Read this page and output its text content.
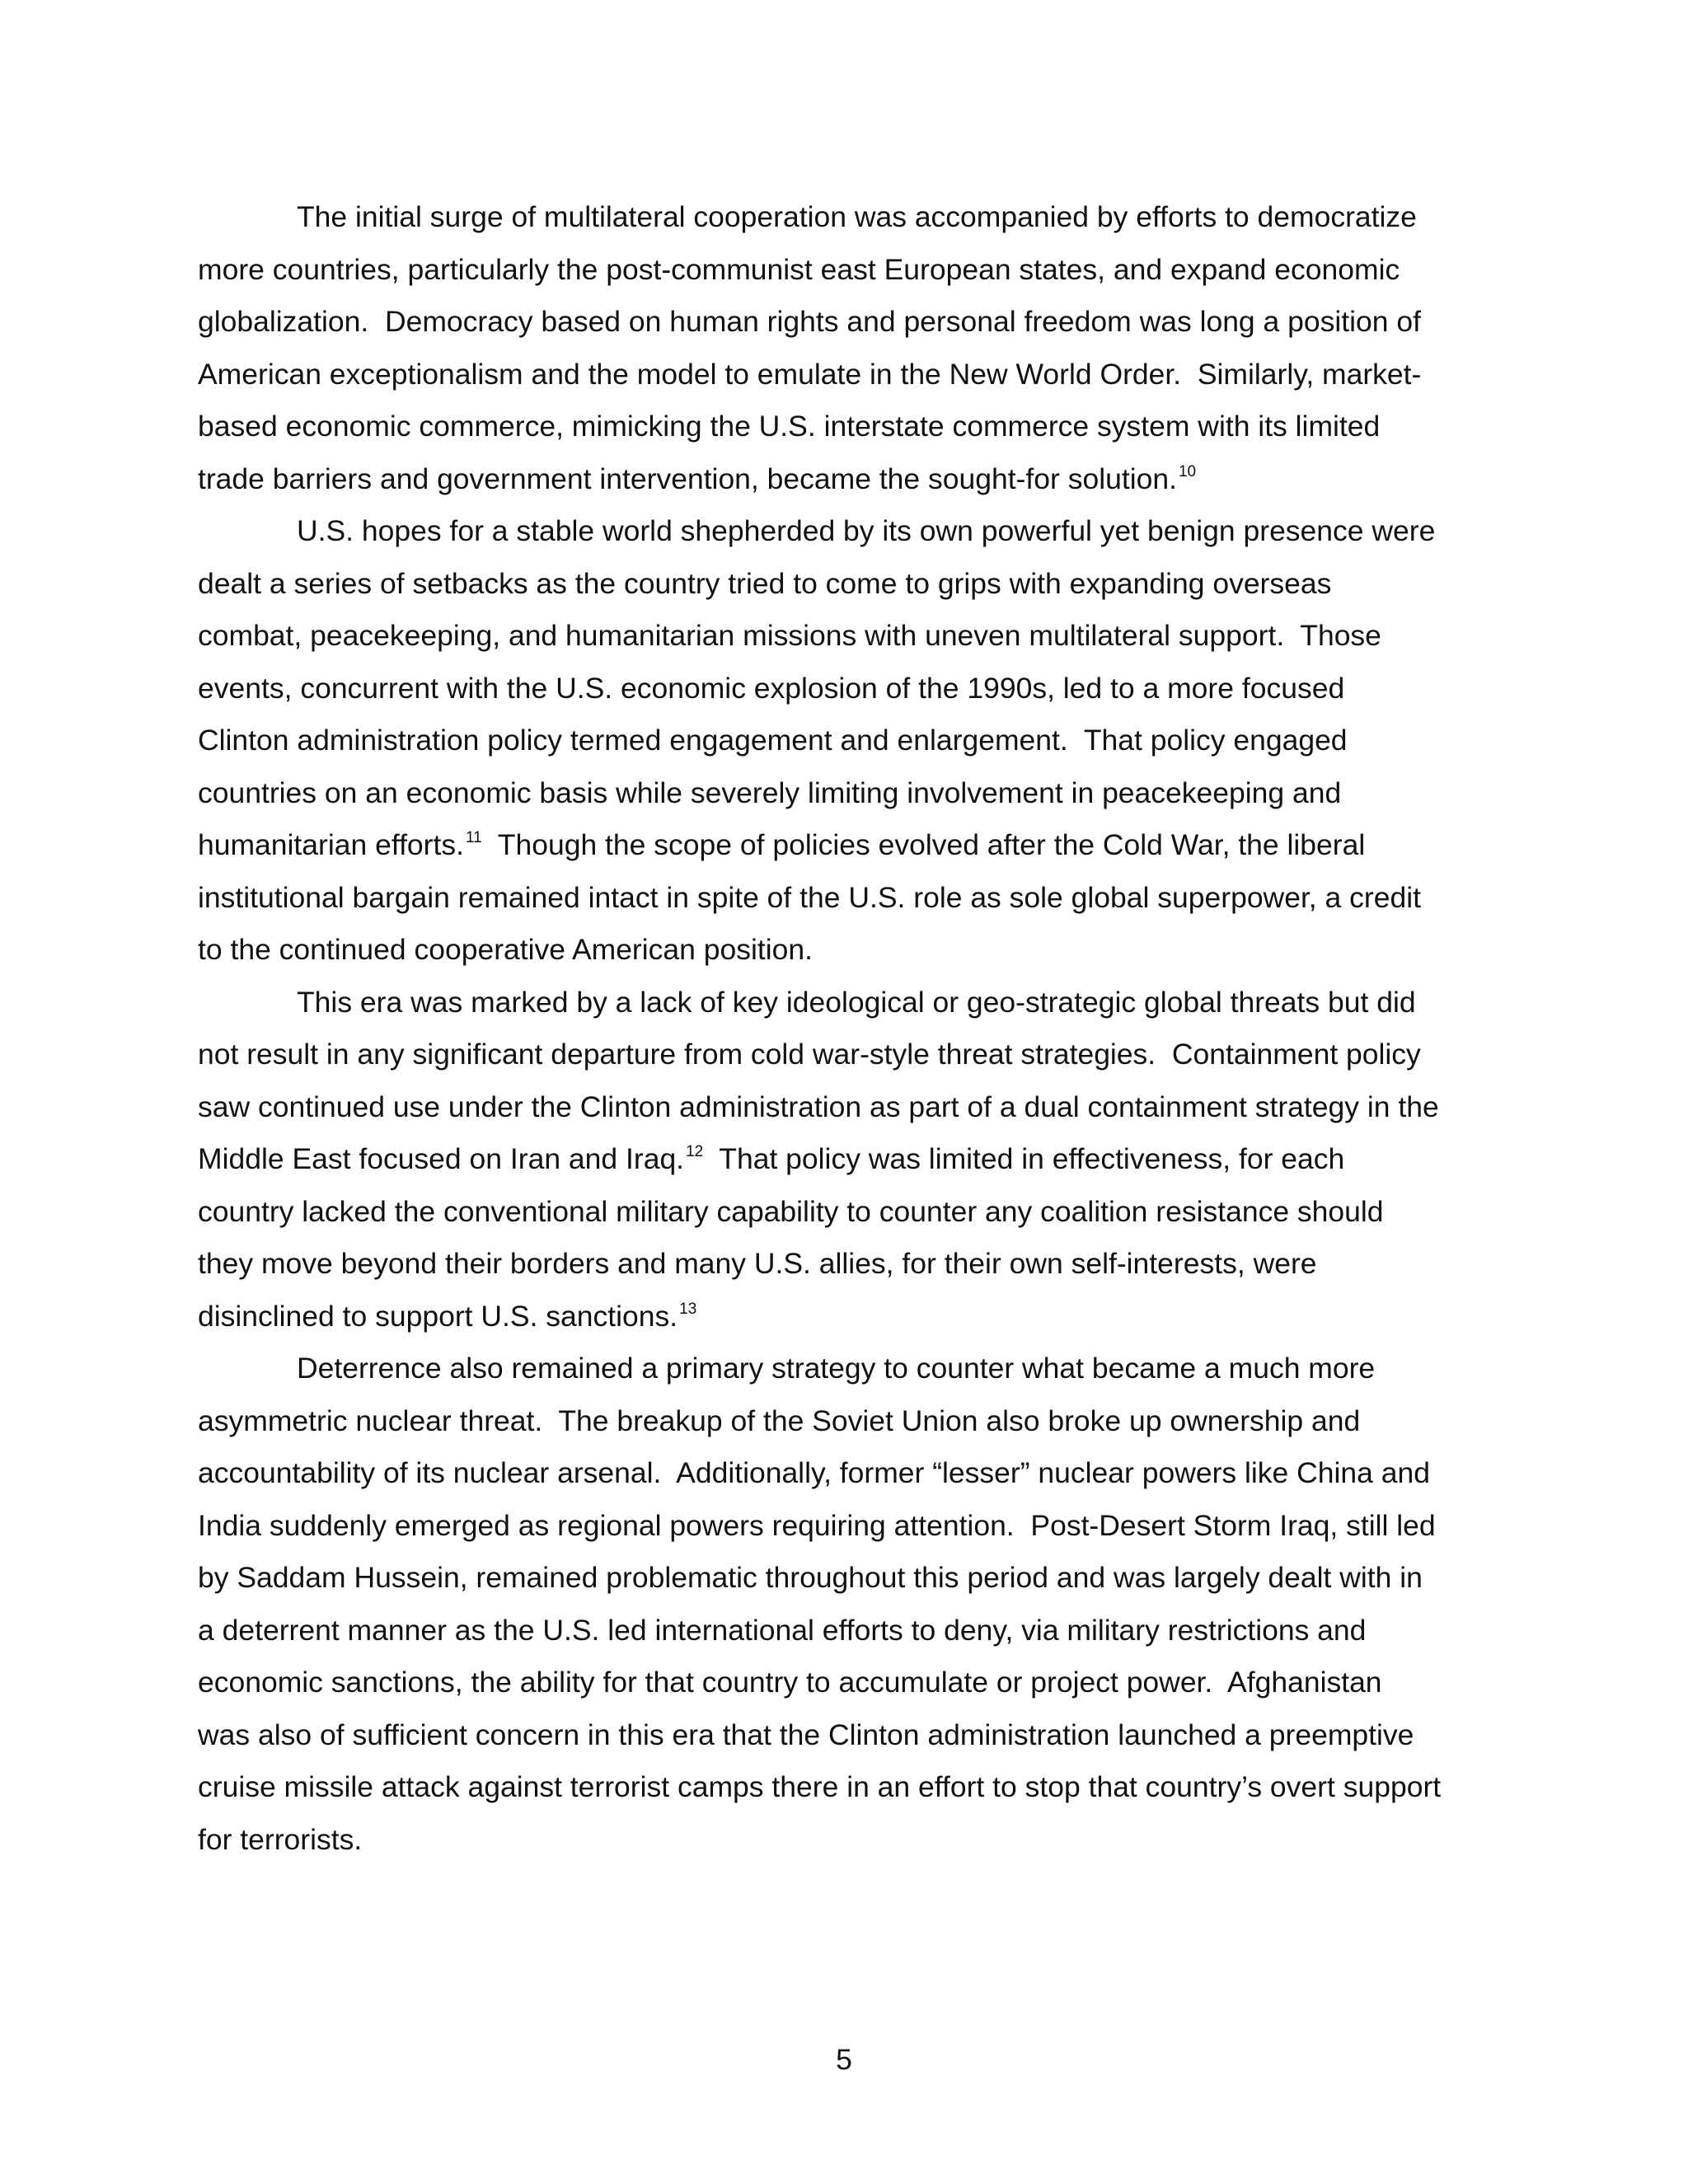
The initial surge of multilateral cooperation was accompanied by efforts to democratize
more countries, particularly the post-communist east European states, and expand economic
globalization.  Democracy based on human rights and personal freedom was long a position of
American exceptionalism and the model to emulate in the New World Order.  Similarly, market-
based economic commerce, mimicking the U.S. interstate commerce system with its limited
trade barriers and government intervention, became the sought-for solution. $^{10}$
U.S. hopes for a stable world shepherded by its own powerful yet benign presence were
dealt a series of setbacks as the country tried to come to grips with expanding overseas
combat, peacekeeping, and humanitarian missions with uneven multilateral support.  Those
events, concurrent with the U.S. economic explosion of the 1990s, led to a more focused
Clinton administration policy termed engagement and enlargement.  That policy engaged
countries on an economic basis while severely limiting involvement in peacekeeping and
humanitarian efforts. $^{11}$  Though the scope of policies evolved after the Cold War, the liberal
institutional bargain remained intact in spite of the U.S. role as sole global superpower, a credit
to the continued cooperative American position.
This era was marked by a lack of key ideological or geo-strategic global threats but did
not result in any significant departure from cold war-style threat strategies.  Containment policy
saw continued use under the Clinton administration as part of a dual containment strategy in the
Middle East focused on Iran and Iraq. $^{12}$  That policy was limited in effectiveness, for each
country lacked the conventional military capability to counter any coalition resistance should
they move beyond their borders and many U.S. allies, for their own self-interests, were
disinclined to support U.S. sanctions. $^{13}$
Deterrence also remained a primary strategy to counter what became a much more
asymmetric nuclear threat.  The breakup of the Soviet Union also broke up ownership and
accountability of its nuclear arsenal.  Additionally, former “lesser” nuclear powers like China and
India suddenly emerged as regional powers requiring attention.  Post-Desert Storm Iraq, still led
by Saddam Hussein, remained problematic throughout this period and was largely dealt with in
a deterrent manner as the U.S. led international efforts to deny, via military restrictions and
economic sanctions, the ability for that country to accumulate or project power.  Afghanistan
was also of sufficient concern in this era that the Clinton administration launched a preemptive
cruise missile attack against terrorist camps there in an effort to stop that country’s overt support
for terrorists.
5
